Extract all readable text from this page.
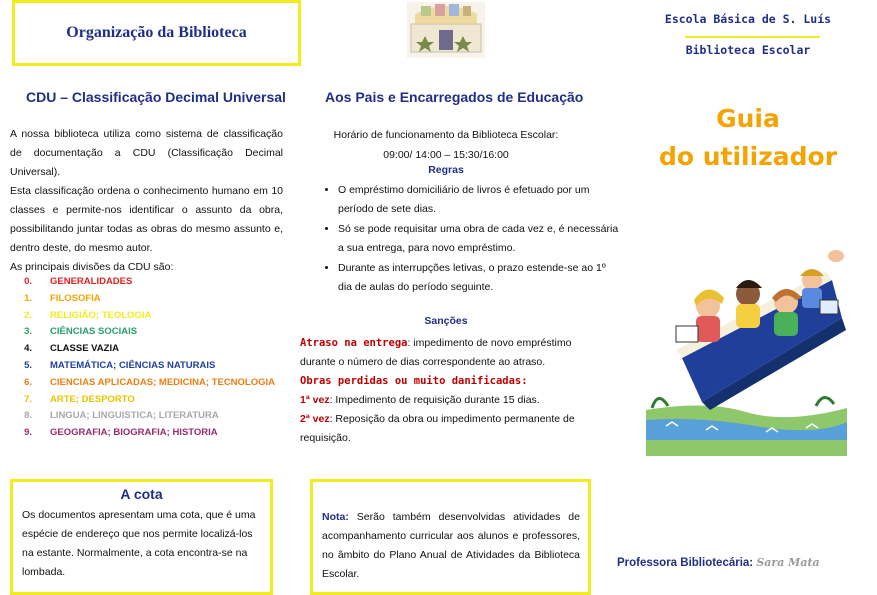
Organização da Biblioteca
CDU – Classificação Decimal Universal
A nossa biblioteca utiliza como sistema de classificação de documentação a CDU (Classificação Decimal Universal).
Esta classificação ordena o conhecimento humano em 10 classes e permite-nos identificar o assunto da obra, possibilitando juntar todas as obras do mesmo assunto e, dentro deste, do mesmo autor.
As principais divisões da CDU são:
0.	GENERALIDADES
1.	FILOSOFIA
2.	RELIGIÃO; TEOLOGIA
3.	CIÊNCIAS SOCIAIS
4.	CLASSE VAZIA
5.	MATEMÁTICA; CIÊNCIAS NATURAIS
6.	CIENCIAS APLICADAS; MEDICINA; TECNOLOGIA
7.	ARTE; DESPORTO
8.	LINGUA; LINGUISTICA; LITERATURA
9.	GEOGRAFIA; BIOGRAFIA; HISTORIA
A cota
Os documentos apresentam uma cota, que é uma espécie de endereço que nos permite localizá-los na estante. Normalmente, a cota encontra-se na lombada.
Aos Pais e Encarregados de Educação
Horário de funcionamento da Biblioteca Escolar:
09:00/ 14:00 – 15:30/16:00
Regras
• O empréstimo domiciliário de livros é efetuado por um período de sete dias.
• Só se pode requisitar uma obra de cada vez e, é necessária a sua entrega, para novo empréstimo.
• Durante as interrupções letivas, o prazo estende-se ao 1º dia de aulas do período seguinte.
Sanções
Atraso na entrega: impedimento de novo empréstimo durante o número de dias correspondente ao atraso.
Obras perdidas ou muito danificadas:
1ª vez: Impedimento de requisição durante 15 dias.
2ª vez: Reposição da obra ou impedimento permanente de requisição.
Nota: Serão também desenvolvidas atividades de acompanhamento curricular aos alunos e professores, no âmbito do Plano Anual de Atividades da Biblioteca Escolar.
Escola Básica de S. Luís
Biblioteca Escolar
Guia
do utilizador
Professora Bibliotecária: Sara Mata
